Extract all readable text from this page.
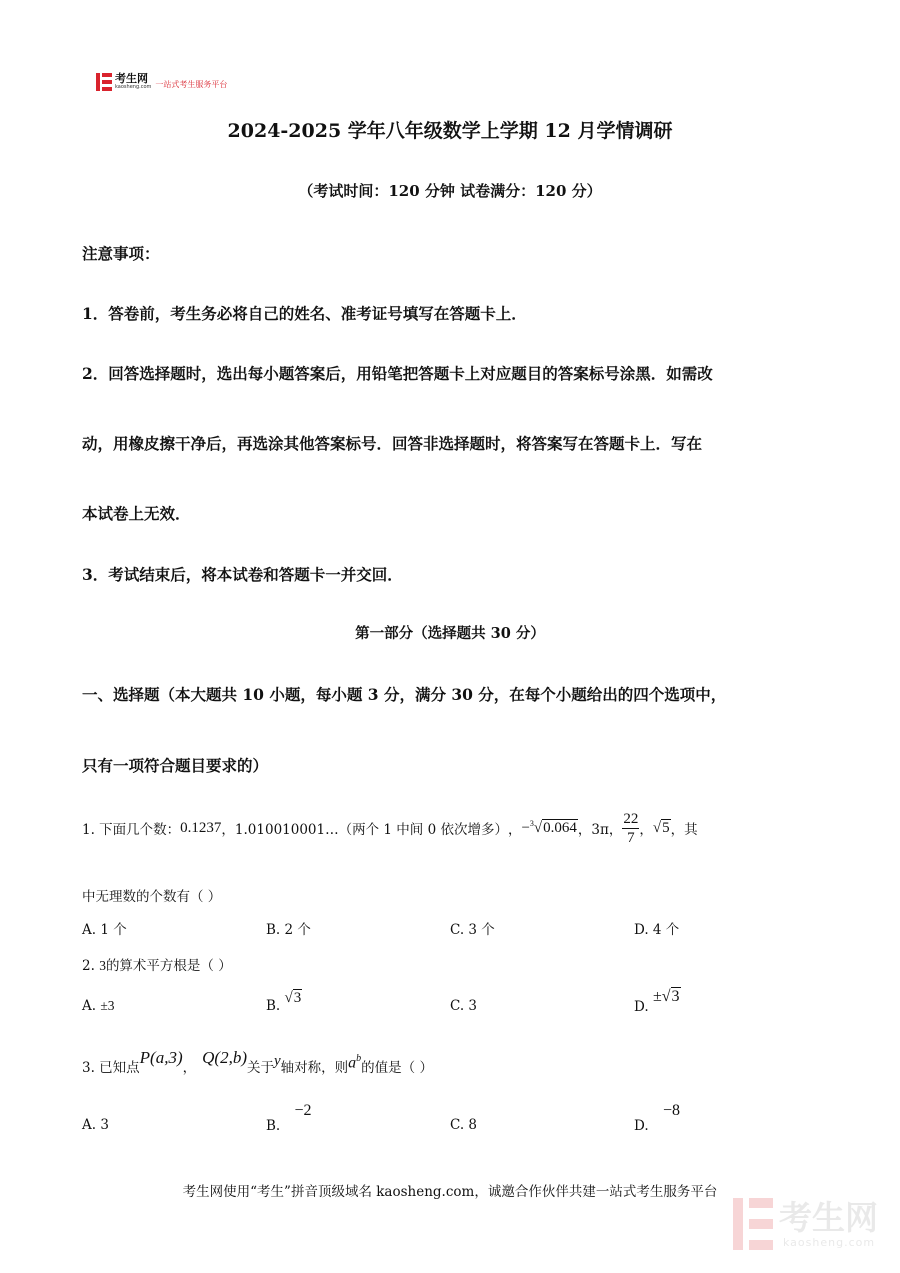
考生网
kaosheng.com 一站式考生服务平台
2024-2025 学年八年级数学上学期 12 月学情调研
（考试时间：120 分钟 试卷满分：120 分）
注意事项：
1．答卷前，考生务必将自己的姓名、准考证号填写在答题卡上．
2．回答选择题时，选出每小题答案后，用铅笔把答题卡上对应题目的答案标号涂黑．如需改
动，用橡皮擦干净后，再选涂其他答案标号．回答非选择题时，将答案写在答题卡上．写在
本试卷上无效．
3．考试结束后，将本试卷和答题卡一并交回．
第一部分（选择题共 30 分）
一、选择题（本大题共 10 小题，每小题 3 分，满分 30 分，在每个小题给出的四个选项中，
只有一项符合题目要求的）
1. 下面几个数： 0.1237 ， 1.010010001…（两个 1 中间 0 依次增多） ， −$^3$√0.064 ，3π， $\frac{22}{7}$ ， √5 ，其
中无理数的个数有（ ）
A. 1 个	B. 2 个	C. 3 个	D. 4 个
2. 3的算术平方根是（ ）
A. ±3	B. √3	C. 3	D. ±√3
3. 已知点
P(a,3)
，
Q(2,b)
关于 y 轴对称，则 $a^b$
的值是（ ）
A. 3	B. −2
C. 8	D. −8
考生网使用“考生”拼音顶级域名 kaosheng.com，诚邀合作伙伴共建一站式考生服务平台
考生网
kaosheng.com
